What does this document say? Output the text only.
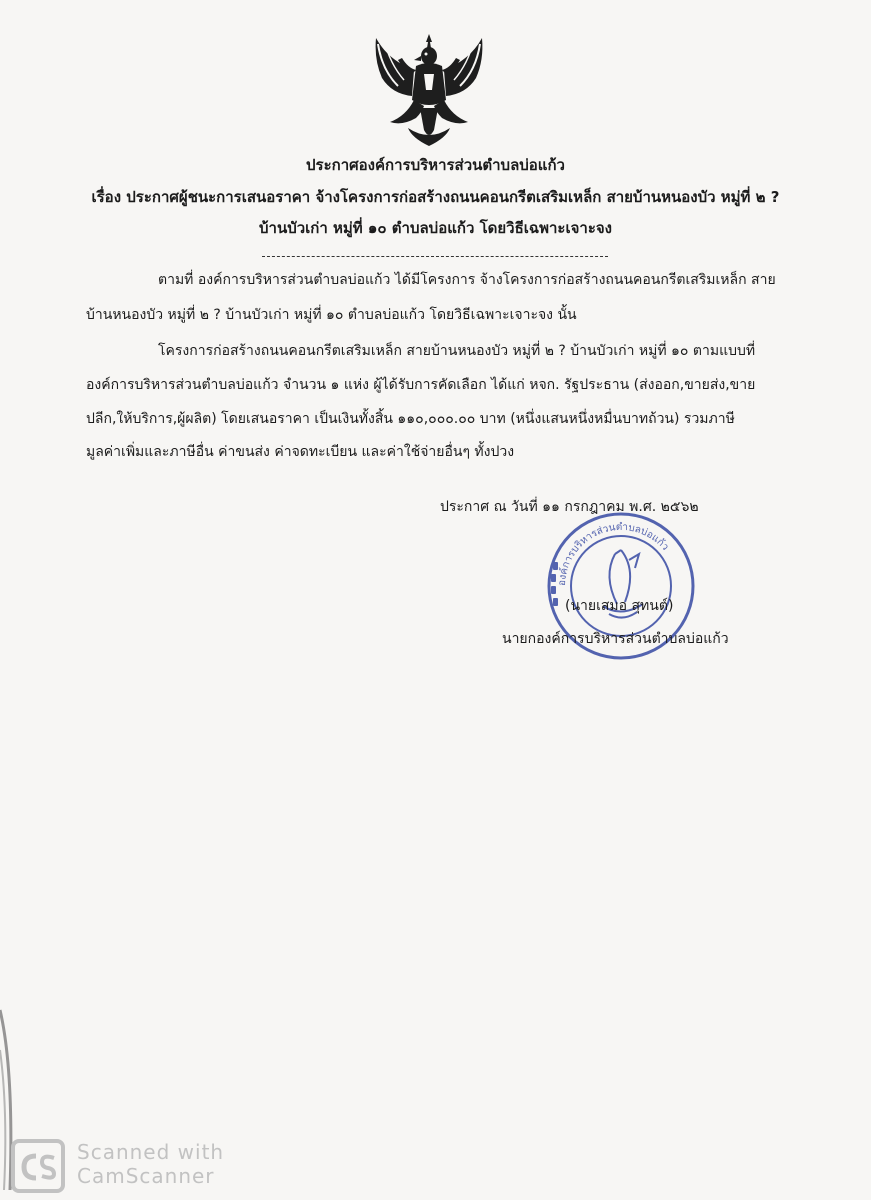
ประกาศองค์การบริหารส่วนตำบลบ่อแก้ว
เรื่อง ประกาศผู้ชนะการเสนอราคา จ้างโครงการก่อสร้างถนนคอนกรีตเสริมเหล็ก สายบ้านหนองบัว หมู่ที่ ๒ ?
บ้านบัวเก่า หมู่ที่ ๑๐ ตำบลบ่อแก้ว โดยวิธีเฉพาะเจาะจง
ตามที่ องค์การบริหารส่วนตำบลบ่อแก้ว ได้มีโครงการ จ้างโครงการก่อสร้างถนนคอนกรีตเสริมเหล็ก สาย
บ้านหนองบัว หมู่ที่ ๒ ? บ้านบัวเก่า หมู่ที่ ๑๐ ตำบลบ่อแก้ว โดยวิธีเฉพาะเจาะจง นั้น
โครงการก่อสร้างถนนคอนกรีตเสริมเหล็ก สายบ้านหนองบัว หมู่ที่ ๒ ? บ้านบัวเก่า หมู่ที่ ๑๐ ตามแบบที่
องค์การบริหารส่วนตำบลบ่อแก้ว จำนวน ๑ แห่ง ผู้ได้รับการคัดเลือก ได้แก่ หจก. รัฐประธาน (ส่งออก,ขายส่ง,ขาย
ปลีก,ให้บริการ,ผู้ผลิต) โดยเสนอราคา เป็นเงินทั้งสิ้น ๑๑๐,๐๐๐.๐๐ บาท (หนึ่งแสนหนึ่งหมื่นบาทถ้วน) รวมภาษี
มูลค่าเพิ่มและภาษีอื่น ค่าขนส่ง ค่าจดทะเบียน และค่าใช้จ่ายอื่นๆ ทั้งปวง
ประกาศ ณ วันที่ ๑๑ กรกฎาคม พ.ศ. ๒๕๖๒
องค์การบริหารส่วนตำบลบ่อแก้ว
(นายเสมอ สุทนต์)
นายกองค์การบริหารส่วนตำบลบ่อแก้ว
Scanned with
CamScanner
